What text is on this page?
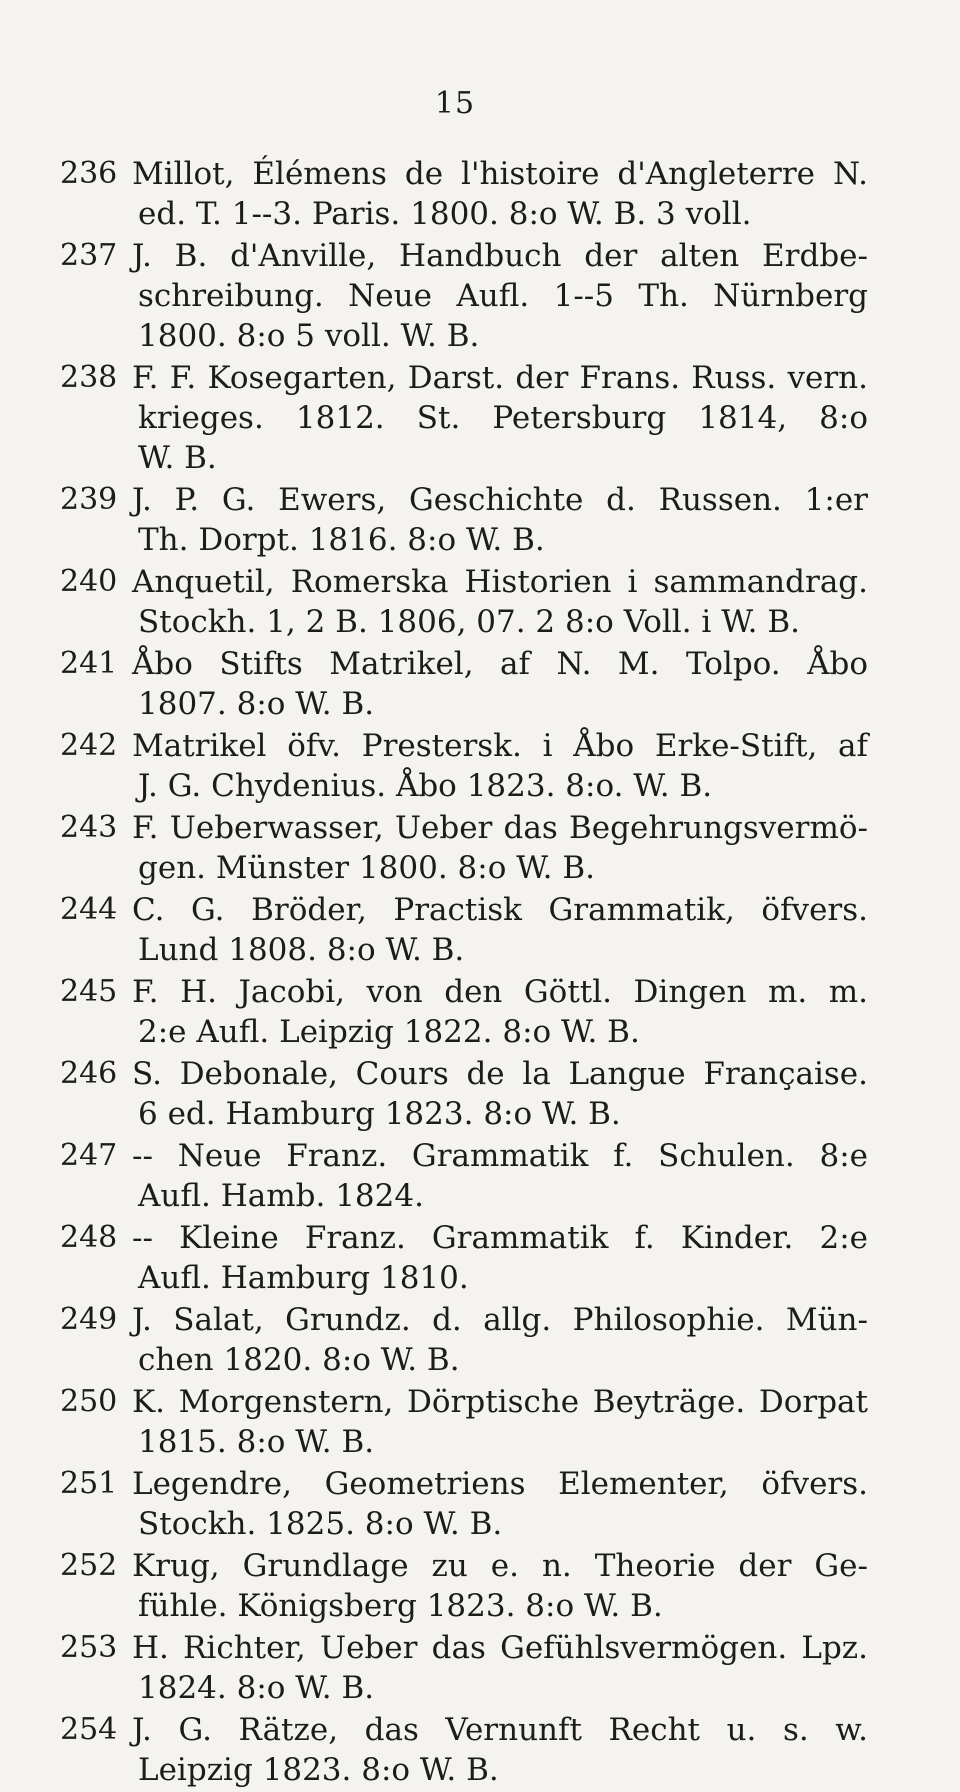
15
236 Millot, Élémens de l'histoire d'Angleterre N.
ed. T. 1--3. Paris. 1800. 8:o W. B. 3 voll.
237 J. B. d'Anville, Handbuch der alten Erdbe-
schreibung. Neue Aufl. 1--5 Th. Nürnberg
1800. 8:o 5 voll. W. B.
238 F. F. Kosegarten, Darst. der Frans. Russ. vern.
krieges. 1812. St. Petersburg 1814, 8:o
W. B.
239 J. P. G. Ewers, Geschichte d. Russen. 1:er
Th. Dorpt. 1816. 8:o W. B.
240 Anquetil, Romerska Historien i sammandrag.
Stockh. 1, 2 B. 1806, 07. 2 8:o Voll. i W. B.
241 Åbo Stifts Matrikel, af N. M. Tolpo. Åbo
1807. 8:o W. B.
242 Matrikel öfv. Prestersk. i Åbo Erke-Stift, af
J. G. Chydenius. Åbo 1823. 8:o. W. B.
243 F. Ueberwasser, Ueber das Begehrungsvermö-
gen. Münster 1800. 8:o W. B.
244 C. G. Bröder, Practisk Grammatik, öfvers.
Lund 1808. 8:o W. B.
245 F. H. Jacobi, von den Göttl. Dingen m. m.
2:e Aufl. Leipzig 1822. 8:o W. B.
246 S. Debonale, Cours de la Langue Française.
6 ed. Hamburg 1823. 8:o W. B.
247 -- Neue Franz. Grammatik f. Schulen. 8:e
Aufl. Hamb. 1824.
248 -- Kleine Franz. Grammatik f. Kinder. 2:e
Aufl. Hamburg 1810.
249 J. Salat, Grundz. d. allg. Philosophie. Mün-
chen 1820. 8:o W. B.
250 K. Morgenstern, Dörptische Beyträge. Dorpat
1815. 8:o W. B.
251 Legendre, Geometriens Elementer, öfvers.
Stockh. 1825. 8:o W. B.
252 Krug, Grundlage zu e. n. Theorie der Ge-
fühle. Königsberg 1823. 8:o W. B.
253 H. Richter, Ueber das Gefühlsvermögen. Lpz.
1824. 8:o W. B.
254 J. G. Rätze, das Vernunft Recht u. s. w.
Leipzig 1823. 8:o W. B.
